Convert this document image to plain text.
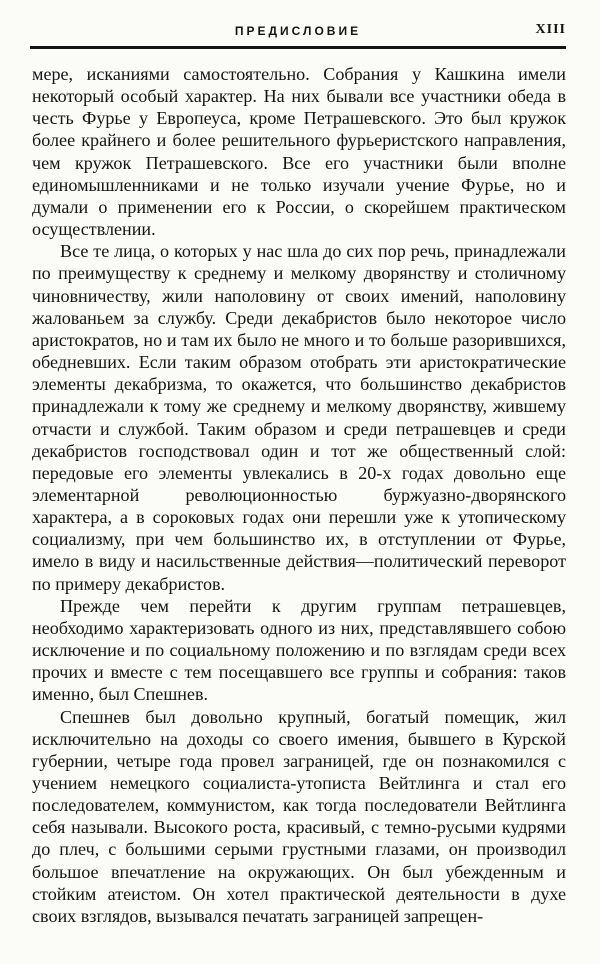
ПРЕДИСЛОВИЕ	XIII

мере, исканиями самостоятельно. Собрания у Кашкина имели некоторый особый характер. На них бывали все участники обеда в честь Фурье у Европеуса, кроме Петрашевского. Это был кружок более крайнего и более решительного фурьеристского направления, чем кружок Петрашевского. Все его участники были вполне единомышленниками и не только изучали учение Фурье, но и думали о применении его к России, о скорейшем практическом осуществлении.

Все те лица, о которых у нас шла до сих пор речь, принадлежали по преимуществу к среднему и мелкому дворянству и столичному чиновничеству, жили наполовину от своих имений, наполовину жалованьем за службу. Среди декабристов было некоторое число аристократов, но и там их было не много и то больше разорившихся, обедневших. Если таким образом отобрать эти аристократические элементы декабризма, то окажется, что большинство декабристов принадлежали к тому же среднему и мелкому дворянству, жившему отчасти и службой. Таким образом и среди петрашевцев и среди декабристов господствовал один и тот же общественный слой: передовые его элементы увлекались в 20-х годах довольно еще элементарной революционностью буржуазно-дворянского характера, а в сороковых годах они перешли уже к утопическому социализму, при чем большинство их, в отступлении от Фурье, имело в виду и насильственные действия—политический переворот по примеру декабристов.

Прежде чем перейти к другим группам петрашевцев, необходимо характеризовать одного из них, представлявшего собою исключение и по социальному положению и по взглядам среди всех прочих и вместе с тем посещавшего все группы и собрания: таков именно, был Спешнев.

Спешнев был довольно крупный, богатый помещик, жил исключительно на доходы со своего имения, бывшего в Курской губернии, четыре года провел заграницей, где он познакомился с учением немецкого социалиста-утописта Вейтлинга и стал его последователем, коммунистом, как тогда последователи Вейтлинга себя называли. Высокого роста, красивый, с темно-русыми кудрями до плеч, с большими серыми грустными глазами, он производил большое впечатление на окружающих. Он был убежденным и стойким атеистом. Он хотел практической деятельности в духе своих взглядов, вызывался печатать заграницей запрещен-
